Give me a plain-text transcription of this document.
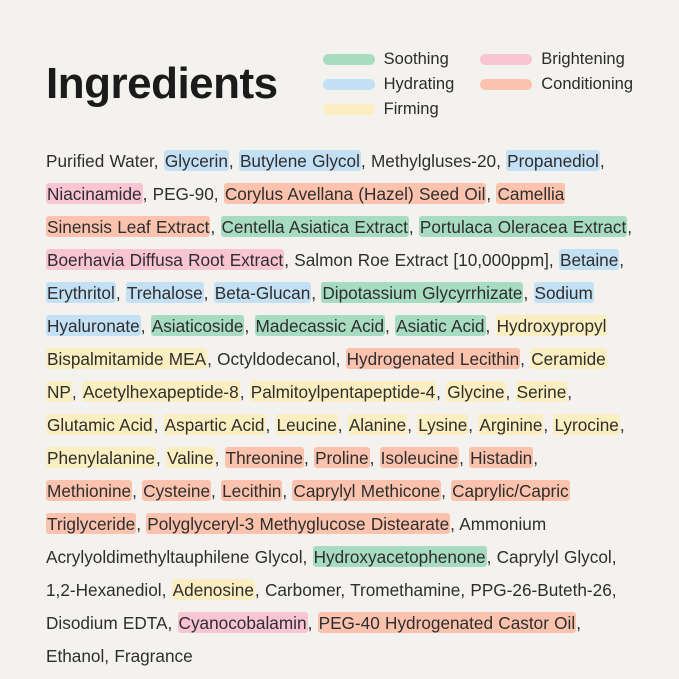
Ingredients	Soothing	Brightening
Hydrating	Conditioning
Firming
Purified Water, Glycerin, Butylene Glycol, Methylgluses-20, Propanediol, Niacinamide, PEG-90, Corylus Avellana (Hazel) Seed Oil, Camellia Sinensis Leaf Extract, Centella Asiatica Extract, Portulaca Oleracea Extract, Boerhavia Diffusa Root Extract, Salmon Roe Extract [10,000ppm], Betaine, Erythritol, Trehalose, Beta-Glucan, Dipotassium Glycyrrhizate, Sodium Hyaluronate, Asiaticoside, Madecassic Acid, Asiatic Acid, Hydroxypropyl Bispalmitamide MEA, Octyldodecanol, Hydrogenated Lecithin, Ceramide NP, Acetylhexapeptide-8, Palmitoylpentapeptide-4, Glycine, Serine, Glutamic Acid, Aspartic Acid, Leucine, Alanine, Lysine, Arginine, Lyrocine, Phenylalanine, Valine, Threonine, Proline, Isoleucine, Histadin, Methionine, Cysteine, Lecithin, Caprylyl Methicone, Caprylic/Capric Triglyceride, Polyglyceryl-3 Methyglucose Distearate, Ammonium Acrylyoldimethyltauphilene Glycol, Hydroxyacetophenone, Caprylyl Glycol, 1,2-Hexanediol, Adenosine, Carbomer, Tromethamine, PPG-26-Buteth-26, Disodium EDTA, Cyanocobalamin, PEG-40 Hydrogenated Castor Oil, Ethanol, Fragrance
